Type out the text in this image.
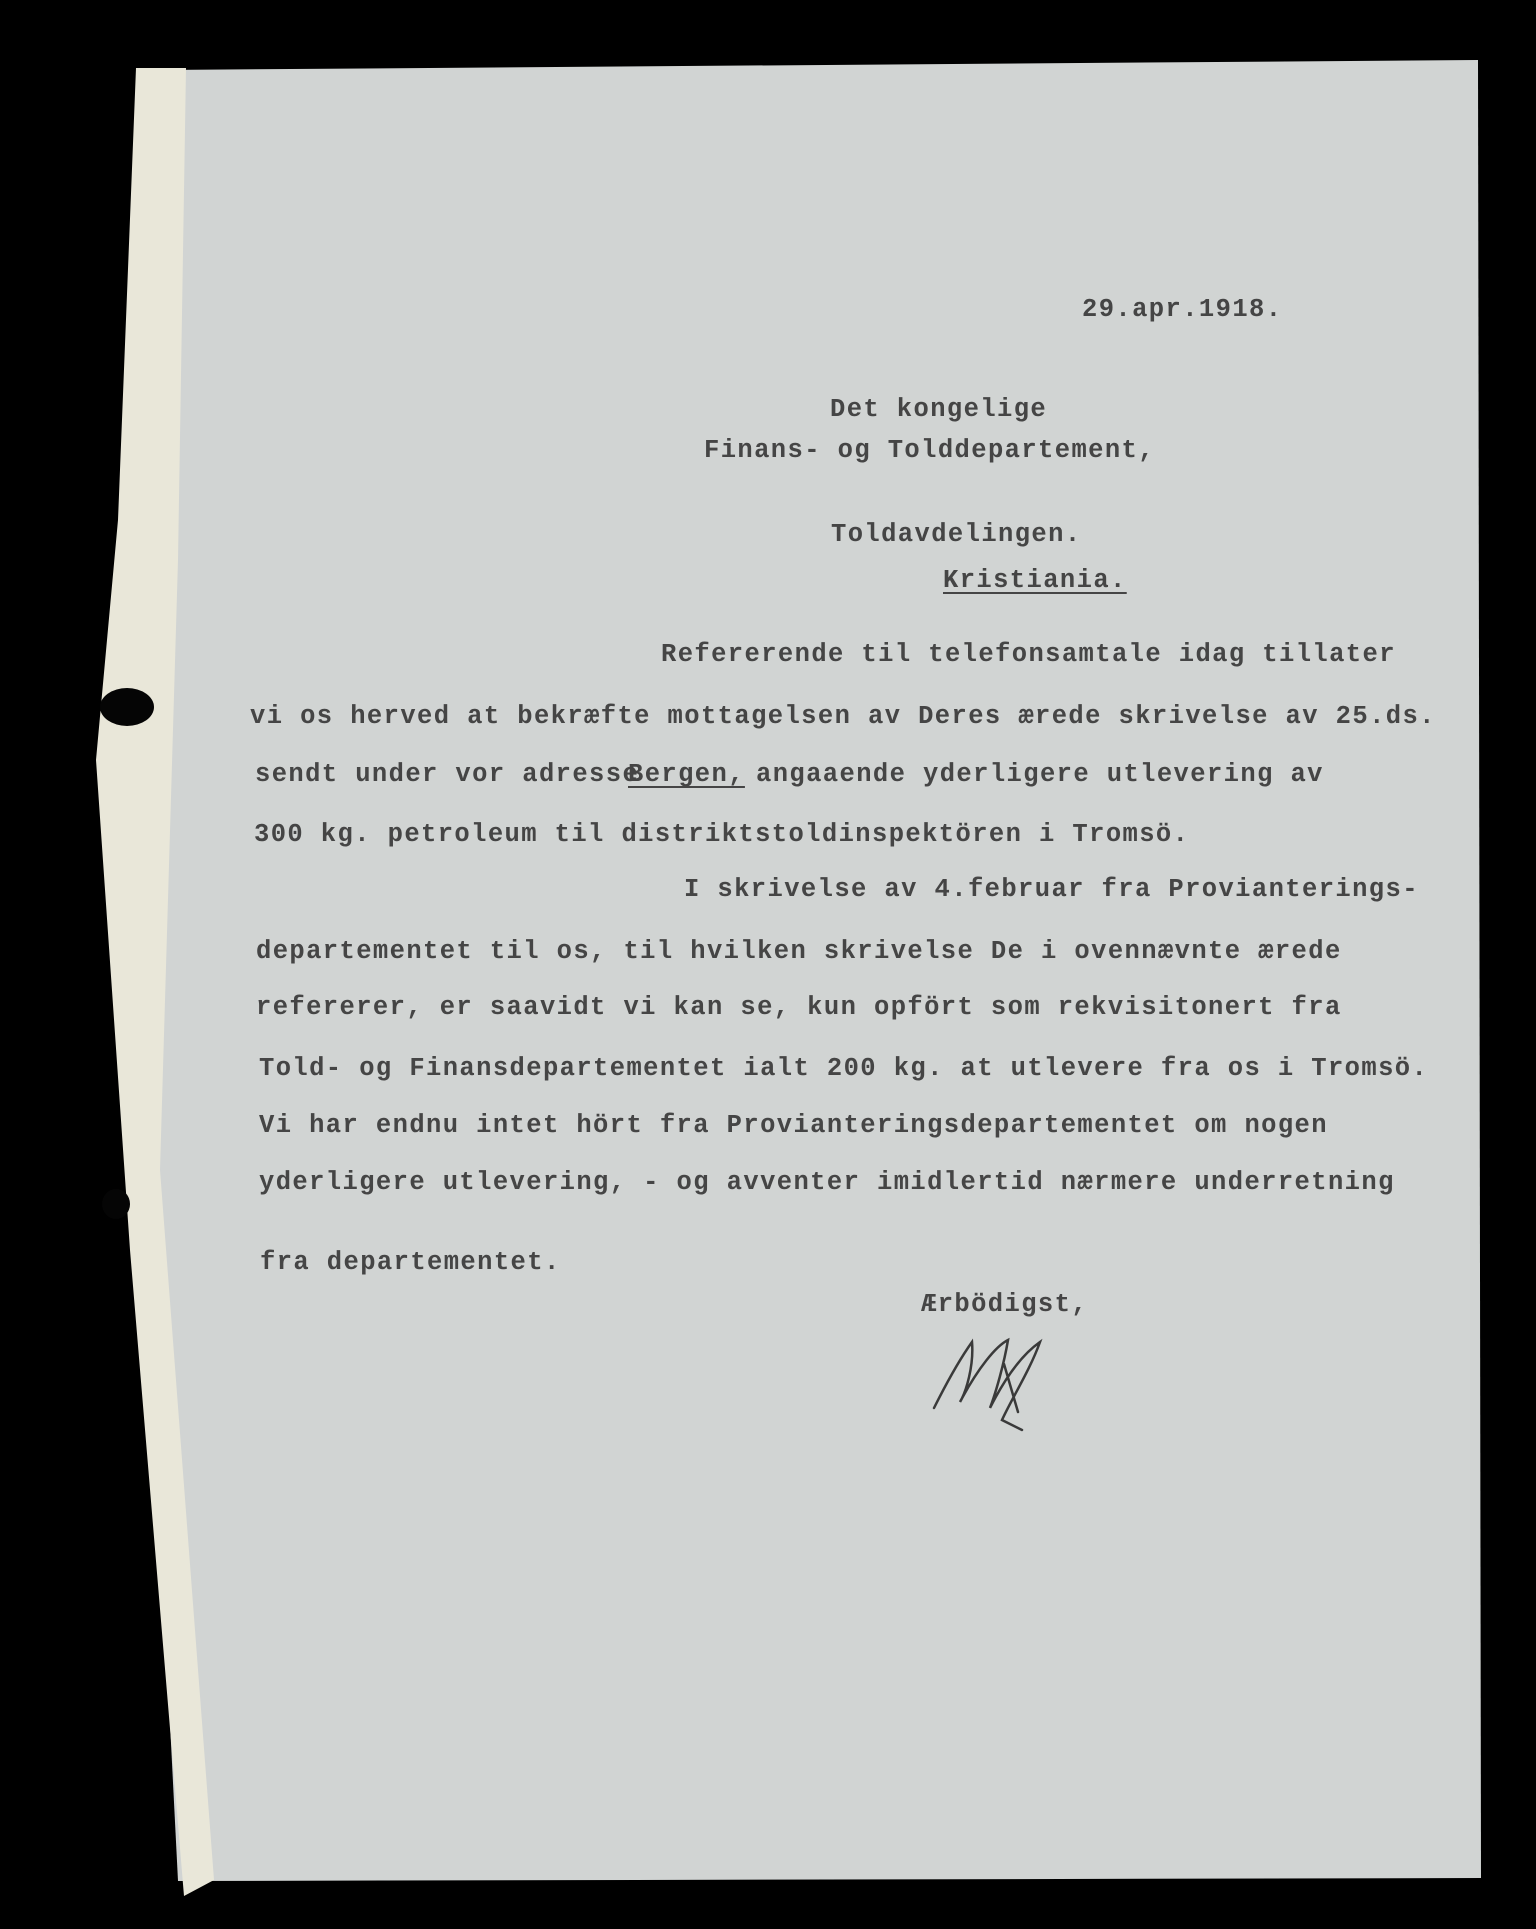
29.apr.1918.

Det kongelige

Finans- og Tolddepartement,

Toldavdelingen.

Kristiania.

Refererende til telefonsamtale idag tillater

vi os herved at bekræfte mottagelsen av Deres ærede skrivelse av 25.ds.

sendt under vor adresse

Bergen, angaaende yderligere utlevering av

300 kg. petroleum til distriktstoldinspektören i Tromsö.

I skrivelse av 4.februar fra Provianterings-

departementet til os, til hvilken skrivelse De i ovennævnte ærede

refererer, er saavidt vi kan se, kun opfört som rekvisitonert fra

Told- og Finansdepartementet ialt 200 kg. at utlevere fra os i Tromsö.

Vi har endnu intet hört fra Provianteringsdepartementet om nogen

yderligere utlevering, - og avventer imidlertid nærmere underretning

fra departementet.

Ærbödigst,
